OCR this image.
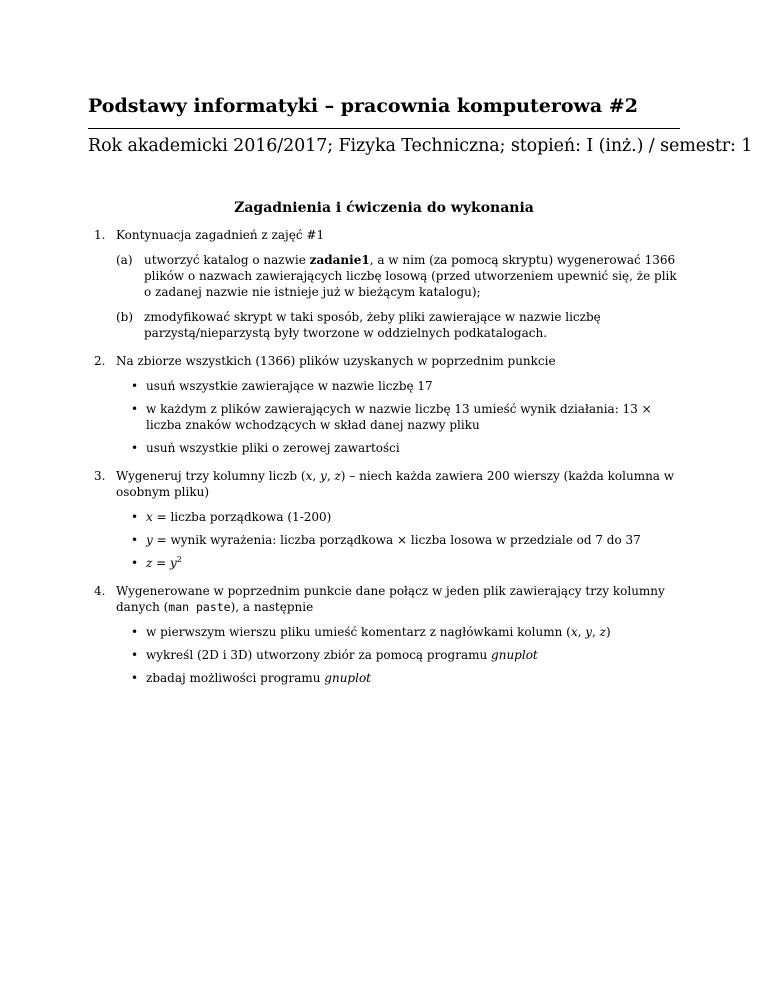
Podstawy informatyki – pracownia komputerowa #2
Rok akademicki 2016/2017; Fizyka Techniczna; stopień: I (inż.) / semestr: 1
Zagadnienia i ćwiczenia do wykonania
1. Kontynuacja zagadnień z zajęć #1
(a) utworzyć katalog o nazwie zadanie1, a w nim (za pomocą skryptu) wygenerować 1366 plików o nazwach zawierających liczbę losową (przed utworzeniem upewnić się, że plik o zadanej nazwie nie istnieje już w bieżącym katalogu);
(b) zmodyfikować skrypt w taki sposób, żeby pliki zawierające w nazwie liczbę parzystą/nieparzystą były tworzone w oddzielnych podkatalogach.
2. Na zbiorze wszystkich (1366) plików uzyskanych w poprzednim punkcie
• usuń wszystkie zawierające w nazwie liczbę 17
• w każdym z plików zawierających w nazwie liczbę 13 umieść wynik działania: 13 × liczba znaków wchodzących w skład danej nazwy pliku
• usuń wszystkie pliki o zerowej zawartości
3. Wygeneruj trzy kolumny liczb (x, y, z) – niech każda zawiera 200 wierszy (każda kolumna w osobnym pliku)
• x = liczba porządkowa (1-200)
• y = wynik wyrażenia: liczba porządkowa × liczba losowa w przedziale od 7 do 37
• $z = y^2$
4. Wygenerowane w poprzednim punkcie dane połącz w jeden plik zawierający trzy kolumny danych (man paste), a następnie
• w pierwszym wierszu pliku umieść komentarz z nagłówkami kolumn (x, y, z)
• wykreśl (2D i 3D) utworzony zbiór za pomocą programu gnuplot
• zbadaj możliwości programu gnuplot
